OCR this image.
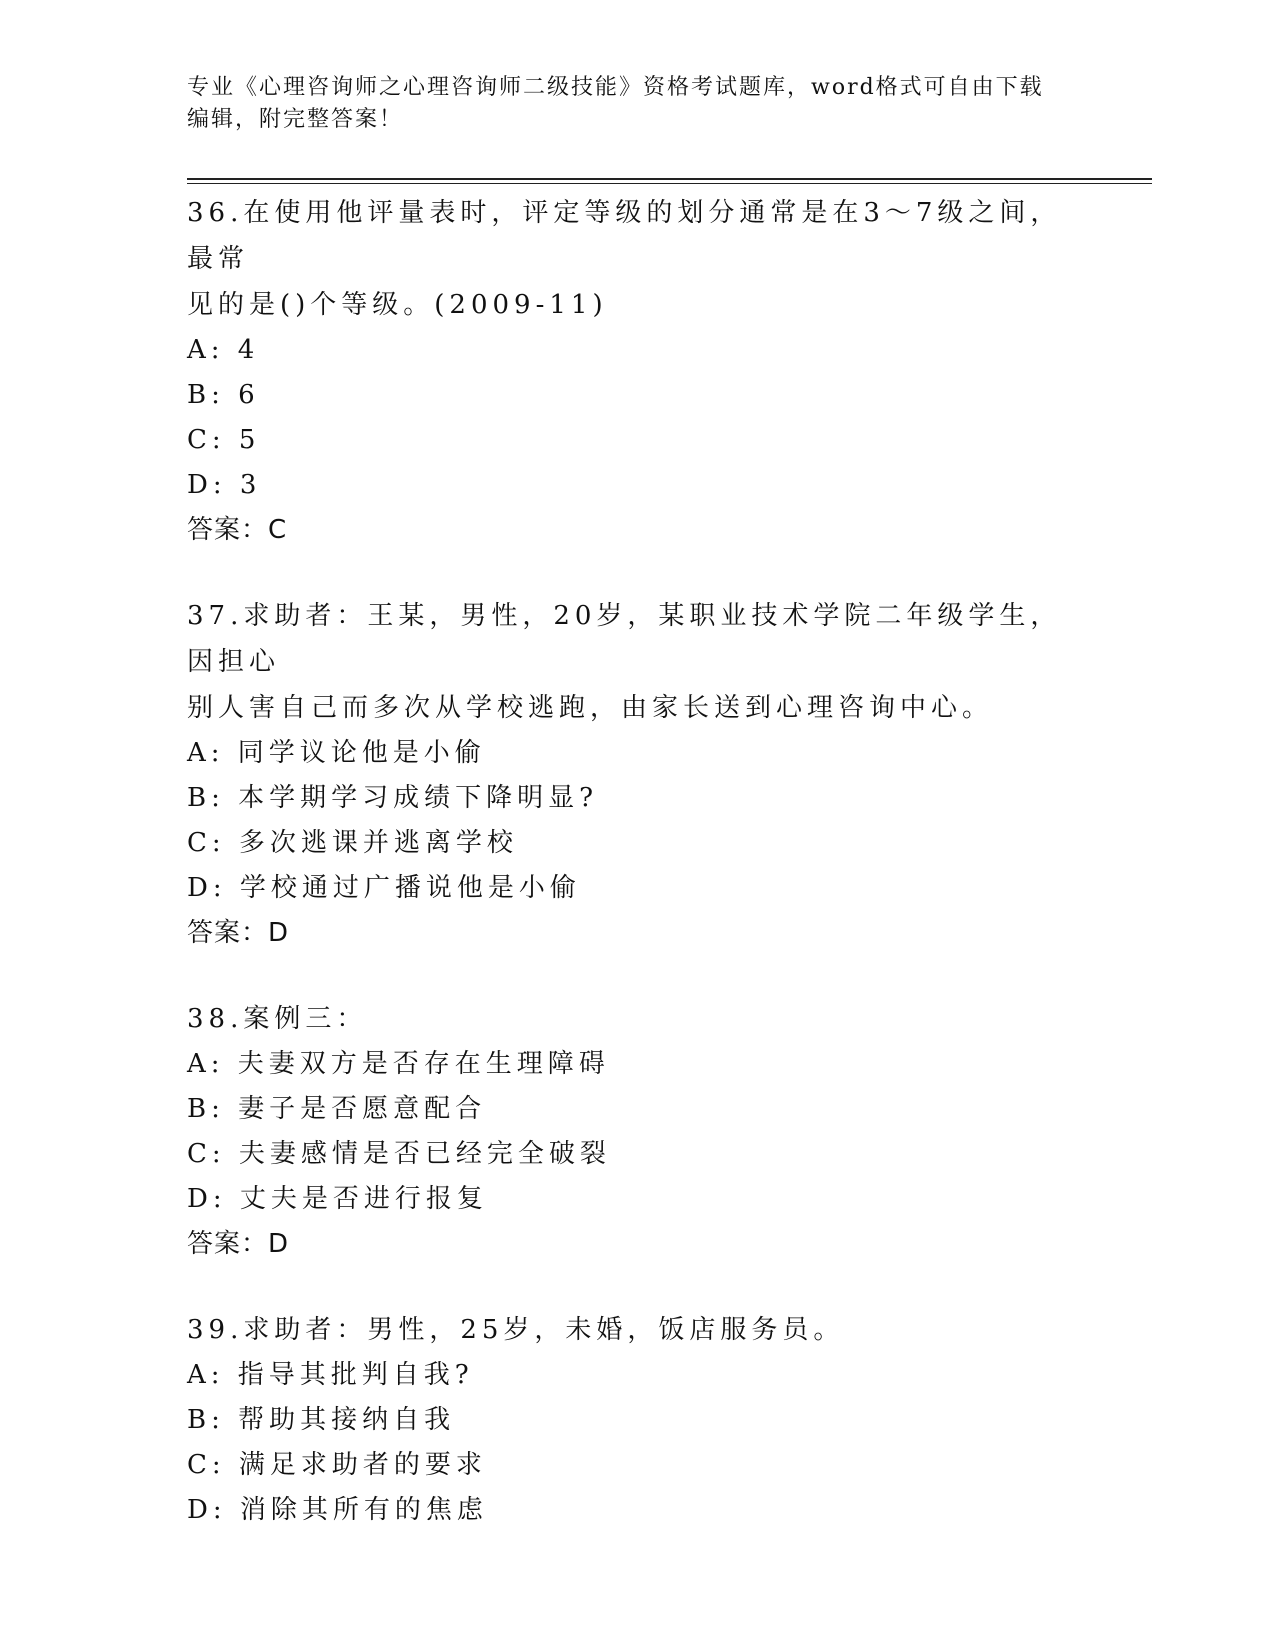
专业《心理咨询师之心理咨询师二级技能》资格考试题库，word格式可自由下载
编辑，附完整答案！
36.在使用他评量表时，评定等级的划分通常是在3～7级之间，最常
见的是()个等级。(2009-11)
A: 4
B: 6
C: 5
D: 3
答案：C
37.求助者：王某，男性，20岁，某职业技术学院二年级学生，因担心
别人害自己而多次从学校逃跑，由家长送到心理咨询中心。
A: 同学议论他是小偷
B: 本学期学习成绩下降明显?
C: 多次逃课并逃离学校
D: 学校通过广播说他是小偷
答案：D
38.案例三：
A: 夫妻双方是否存在生理障碍
B: 妻子是否愿意配合
C: 夫妻感情是否已经完全破裂
D: 丈夫是否进行报复
答案：D
39.求助者：男性，25岁，未婚，饭店服务员。
A: 指导其批判自我?
B: 帮助其接纳自我
C: 满足求助者的要求
D: 消除其所有的焦虑
